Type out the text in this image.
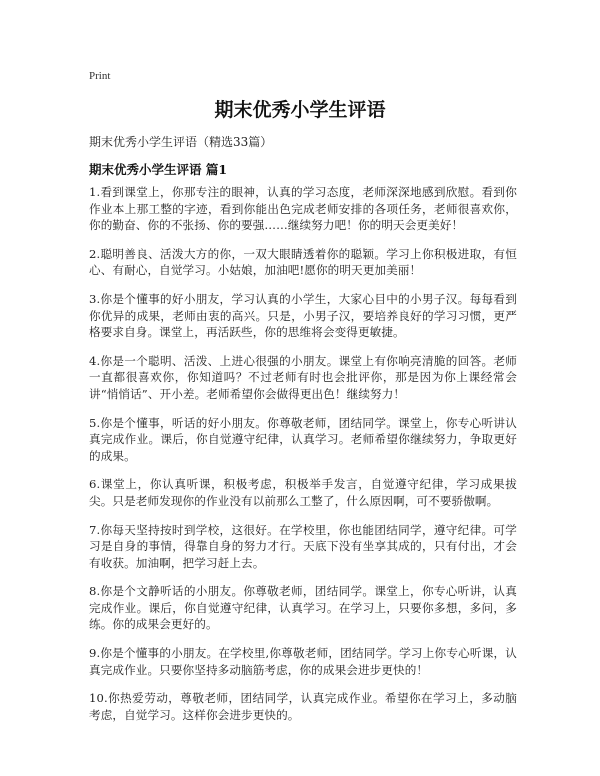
Print
期末优秀小学生评语
期末优秀小学生评语（精选33篇）
期末优秀小学生评语 篇1

1.看到课堂上，你那专注的眼神，认真的学习态度，老师深深地感到欣慰。看到你作业本上那工整的字迹，看到你能出色完成老师安排的各项任务，老师很喜欢你，你的勤奋、你的不张扬、你的要强……继续努力吧！你的明天会更美好！

2.聪明善良、活泼大方的你，一双大眼睛透着你的聪颖。学习上你积极进取，有恒心、有耐心，自觉学习。小姑娘，加油吧!愿你的明天更加美丽！

3.你是个懂事的好小朋友，学习认真的小学生，大家心目中的小男子汉。每每看到你优异的成果，老师由衷的高兴。只是，小男子汉，要培养良好的学习习惯，更严格要求自身。课堂上，再活跃些，你的思维将会变得更敏捷。

4.你是一个聪明、活泼、上进心很强的小朋友。课堂上有你响亮清脆的回答。老师一直都很喜欢你，你知道吗？不过老师有时也会批评你，那是因为你上课经常会讲“悄悄话”、开小差。老师希望你会做得更出色！继续努力！

5.你是个懂事，听话的好小朋友。你尊敬老师，团结同学。课堂上，你专心听讲认真完成作业。课后，你自觉遵守纪律，认真学习。老师希望你继续努力，争取更好的成果。

6.课堂上，你认真听课，积极考虑，积极举手发言，自觉遵守纪律，学习成果拔尖。只是老师发现你的作业没有以前那么工整了，什么原因啊，可不要骄傲啊。

7.你每天坚持按时到学校，这很好。在学校里，你也能团结同学，遵守纪律。可学习是自身的事情，得靠自身的努力才行。天底下没有坐享其成的，只有付出，才会有收获。加油啊，把学习赶上去。

8.你是个文静听话的小朋友。你尊敬老师，团结同学。课堂上，你专心听讲，认真完成作业。课后，你自觉遵守纪律，认真学习。在学习上，只要你多想，多问，多练。你的成果会更好的。

9.你是个懂事的小朋友。在学校里,你尊敬老师，团结同学。学习上你专心听课，认真完成作业。只要你坚持多动脑筋考虑，你的成果会进步更快的！

10.你热爱劳动，尊敬老师，团结同学，认真完成作业。希望你在学习上，多动脑考虑，自觉学习。这样你会进步更快的。
